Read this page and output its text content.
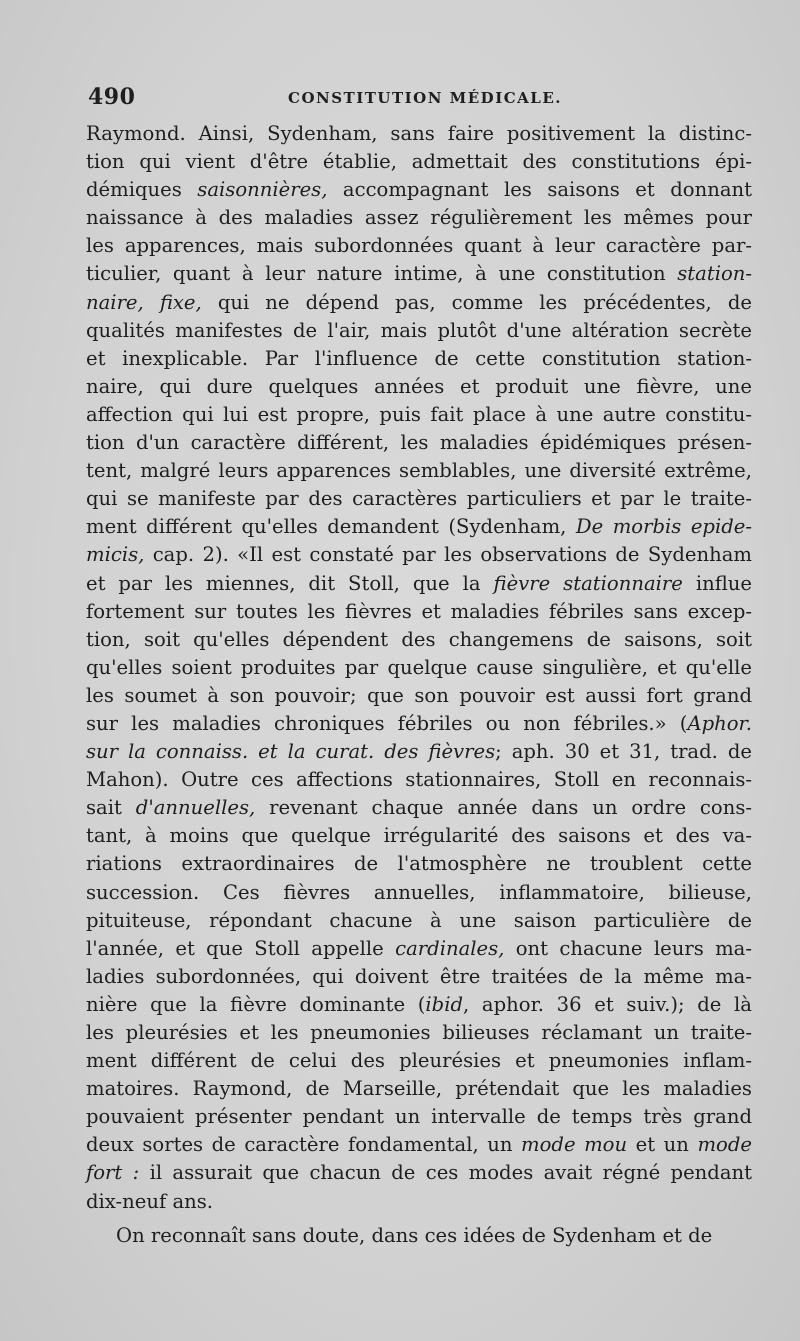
490	CONSTITUTION MÉDICALE.
Raymond. Ainsi, Sydenham, sans faire positivement la distinc-
tion qui vient d'être établie, admettait des constitutions épi-
démiques saisonnières, accompagnant les saisons et donnant
naissance à des maladies assez régulièrement les mêmes pour
les apparences, mais subordonnées quant à leur caractère par-
ticulier, quant à leur nature intime, à une constitution station-
naire, fixe, qui ne dépend pas, comme les précédentes, de
qualités manifestes de l'air, mais plutôt d'une altération secrète
et inexplicable. Par l'influence de cette constitution station-
naire, qui dure quelques années et produit une fièvre, une
affection qui lui est propre, puis fait place à une autre constitu-
tion d'un caractère différent, les maladies épidémiques présen-
tent, malgré leurs apparences semblables, une diversité extrême,
qui se manifeste par des caractères particuliers et par le traite-
ment différent qu'elles demandent (Sydenham, De morbis epide-
micis, cap. 2). «Il est constaté par les observations de Sydenham
et par les miennes, dit Stoll, que la fièvre stationnaire influe
fortement sur toutes les fièvres et maladies fébriles sans excep-
tion, soit qu'elles dépendent des changemens de saisons, soit
qu'elles soient produites par quelque cause singulière, et qu'elle
les soumet à son pouvoir; que son pouvoir est aussi fort grand
sur les maladies chroniques fébriles ou non fébriles.» (Aphor.
sur la connaiss. et la curat. des fièvres; aph. 30 et 31, trad. de
Mahon). Outre ces affections stationnaires, Stoll en reconnais-
sait d'annuelles, revenant chaque année dans un ordre cons-
tant, à moins que quelque irrégularité des saisons et des va-
riations extraordinaires de l'atmosphère ne troublent cette
succession. Ces fièvres annuelles, inflammatoire, bilieuse,
pituiteuse, répondant chacune à une saison particulière de
l'année, et que Stoll appelle cardinales, ont chacune leurs ma-
ladies subordonnées, qui doivent être traitées de la même ma-
nière que la fièvre dominante (ibid, aphor. 36 et suiv.); de là
les pleurésies et les pneumonies bilieuses réclamant un traite-
ment différent de celui des pleurésies et pneumonies inflam-
matoires. Raymond, de Marseille, prétendait que les maladies
pouvaient présenter pendant un intervalle de temps très grand
deux sortes de caractère fondamental, un mode mou et un mode
fort : il assurait que chacun de ces modes avait régné pendant
dix-neuf ans.
On reconnaît sans doute, dans ces idées de Sydenham et de
